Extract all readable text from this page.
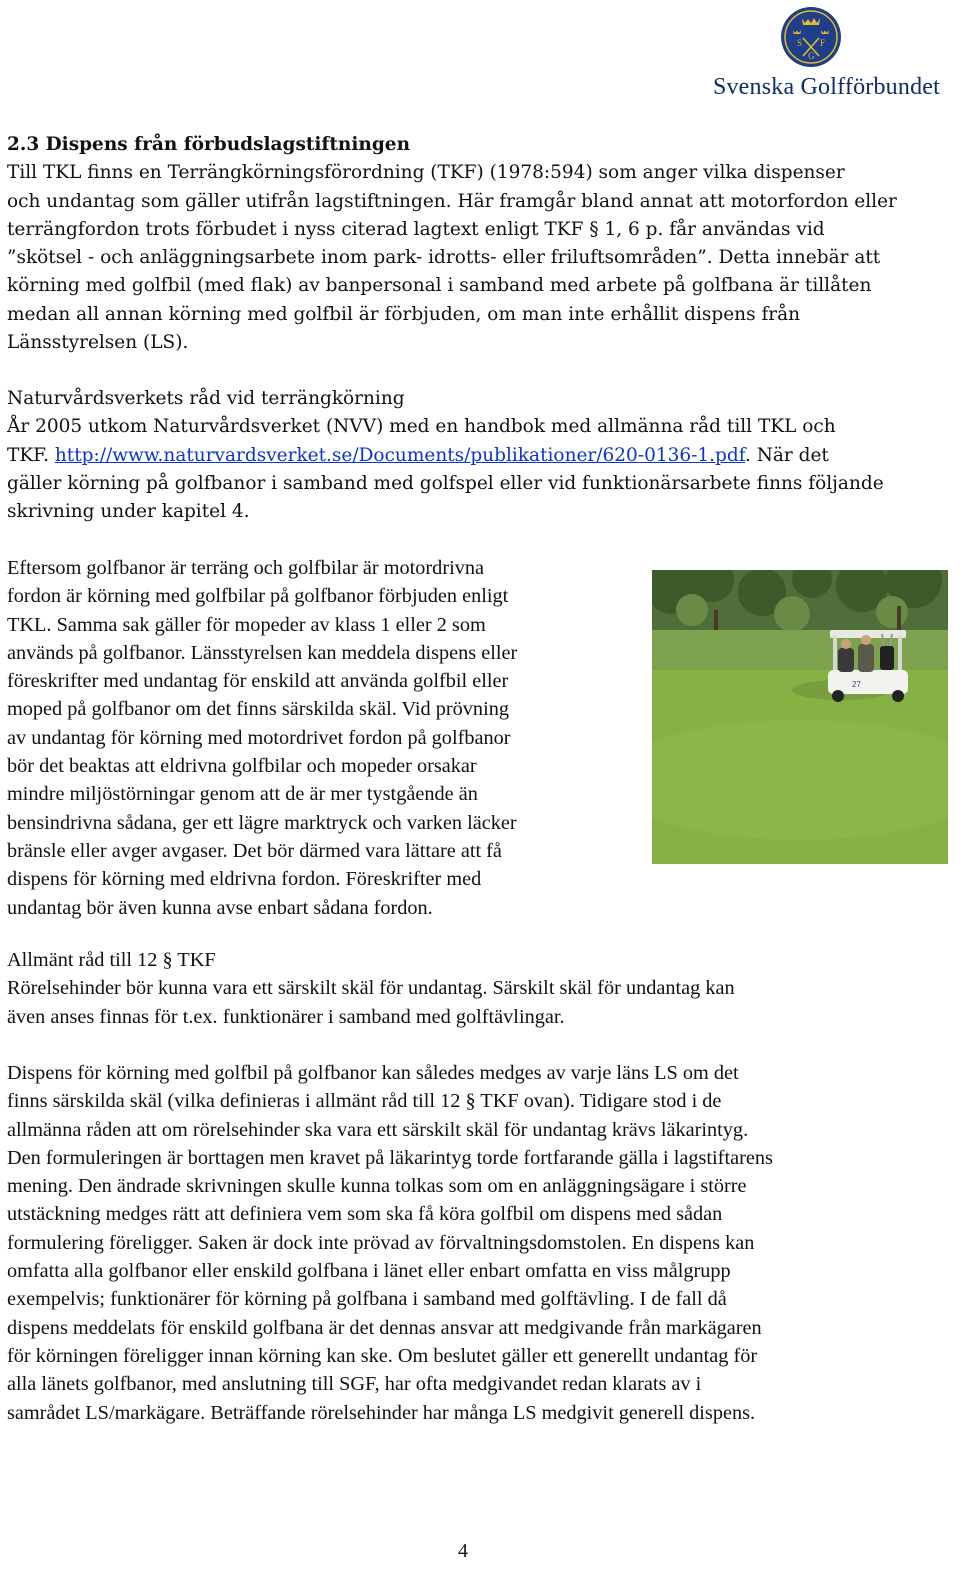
S F
G
Svenska Golfförbundet
2.3 Dispens från förbudslagstiftningen
Till TKL finns en Terrängkörningsförordning (TKF) (1978:594) som anger vilka dispenser
och undantag som gäller utifrån lagstiftningen. Här framgår bland annat att motorfordon eller
terrängfordon trots förbudet i nyss citerad lagtext enligt TKF § 1, 6 p. får användas vid
”skötsel - och anläggningsarbete inom park- idrotts- eller friluftsområden”. Detta innebär att
körning med golfbil (med flak) av banpersonal i samband med arbete på golfbana är tillåten
medan all annan körning med golfbil är förbjuden, om man inte erhållit dispens från
Länsstyrelsen (LS).
Naturvårdsverkets råd vid terrängkörning
År 2005 utkom Naturvårdsverket (NVV) med en handbok med allmänna råd till TKL och
TKF. http://www.naturvardsverket.se/Documents/publikationer/620-0136-1.pdf. När det
gäller körning på golfbanor i samband med golfspel eller vid funktionärsarbete finns följande
skrivning under kapitel 4.
Eftersom golfbanor är terräng och golfbilar är motordrivna
fordon är körning med golfbilar på golfbanor förbjuden enligt
TKL. Samma sak gäller för mopeder av klass 1 eller 2 som
används på golfbanor. Länsstyrelsen kan meddela dispens eller
föreskrifter med undantag för enskild att använda golfbil eller
moped på golfbanor om det finns särskilda skäl. Vid prövning
av undantag för körning med motordrivet fordon på golfbanor
bör det beaktas att eldrivna golfbilar och mopeder orsakar
mindre miljöstörningar genom att de är mer tystgående än
bensindrivna sådana, ger ett lägre marktryck och varken läcker
bränsle eller avger avgaser. Det bör därmed vara lättare att få
dispens för körning med eldrivna fordon. Föreskrifter med
undantag bör även kunna avse enbart sådana fordon.
27
Allmänt råd till 12 § TKF
Rörelsehinder bör kunna vara ett särskilt skäl för undantag. Särskilt skäl för undantag kan
även anses finnas för t.ex. funktionärer i samband med golftävlingar.
Dispens för körning med golfbil på golfbanor kan således medges av varje läns LS om det
finns särskilda skäl (vilka definieras i allmänt råd till 12 § TKF ovan). Tidigare stod i de
allmänna råden att om rörelsehinder ska vara ett särskilt skäl för undantag krävs läkarintyg.
Den formuleringen är borttagen men kravet på läkarintyg torde fortfarande gälla i lagstiftarens
mening. Den ändrade skrivningen skulle kunna tolkas som om en anläggningsägare i större
utstäckning medges rätt att definiera vem som ska få köra golfbil om dispens med sådan
formulering föreligger. Saken är dock inte prövad av förvaltningsdomstolen. En dispens kan
omfatta alla golfbanor eller enskild golfbana i länet eller enbart omfatta en viss målgrupp
exempelvis; funktionärer för körning på golfbana i samband med golftävling. I de fall då
dispens meddelats för enskild golfbana är det dennas ansvar att medgivande från markägaren
för körningen föreligger innan körning kan ske. Om beslutet gäller ett generellt undantag för
alla länets golfbanor, med anslutning till SGF, har ofta medgivandet redan klarats av i
samrådet LS/markägare. Beträffande rörelsehinder har många LS medgivit generell dispens.
4
